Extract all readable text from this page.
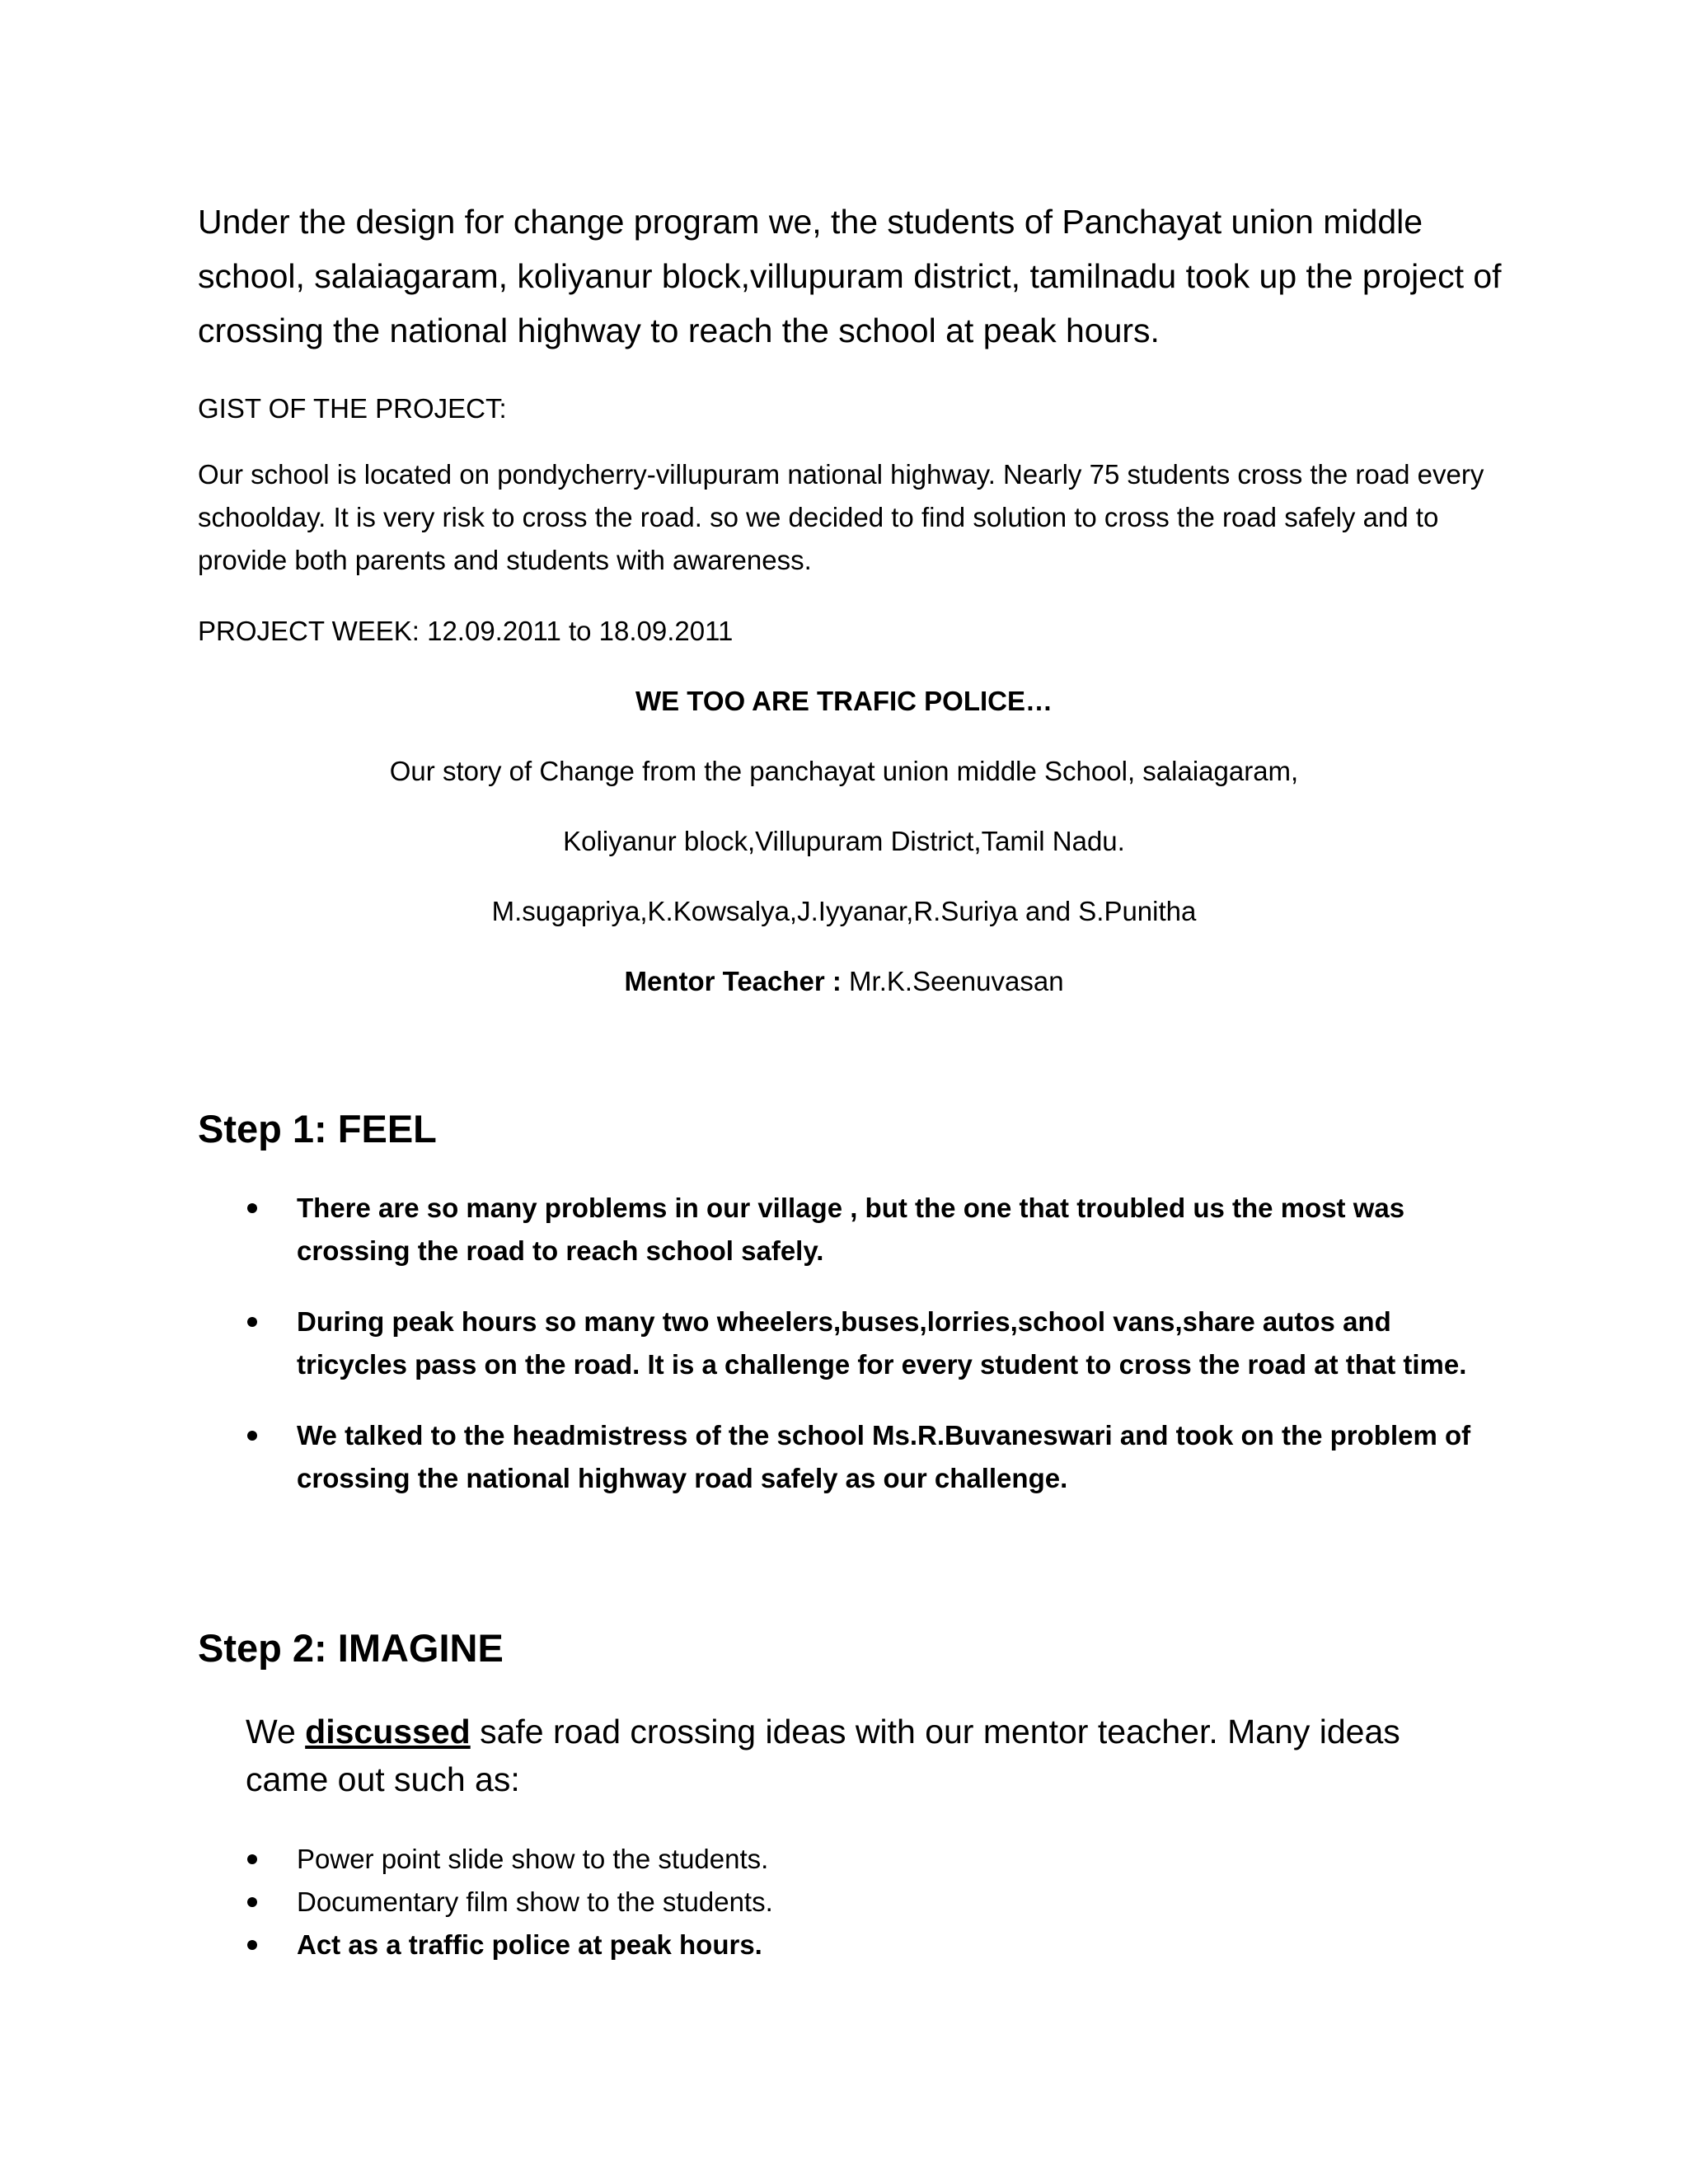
Under the design for change program we, the students of Panchayat union middle school, salaiagaram, koliyanur block,villupuram district, tamilnadu took up the project of crossing the national highway to reach the school at peak hours.

GIST OF THE PROJECT:

Our school is located on pondycherry-villupuram national highway. Nearly 75 students cross the road every schoolday. It is very risk to cross the road. so we decided to find solution to cross the road safely and to provide both parents and students with awareness.

PROJECT WEEK: 12.09.2011 to 18.09.2011

WE TOO ARE TRAFIC POLICE…

Our story of Change from the panchayat union middle School, salaiagaram,

Koliyanur block,Villupuram District,Tamil Nadu.

M.sugapriya,K.Kowsalya,J.Iyyanar,R.Suriya and S.Punitha

Mentor Teacher : Mr.K.Seenuvasan

Step 1: FEEL
There are so many problems in our village , but the one that troubled us the most was crossing the road to reach school safely.
During peak hours so many two wheelers,buses,lorries,school vans,share autos and tricycles pass on the road. It is a challenge for every student to cross the road at that time.
We talked to the headmistress of the school Ms.R.Buvaneswari and took on the problem of crossing the national highway road safely as our challenge.
Step 2: IMAGINE

We discussed safe road crossing ideas with our mentor teacher. Many ideas came out such as:

Power point slide show to the students.
Documentary film show to the students.
Act as a traffic police at peak hours.
